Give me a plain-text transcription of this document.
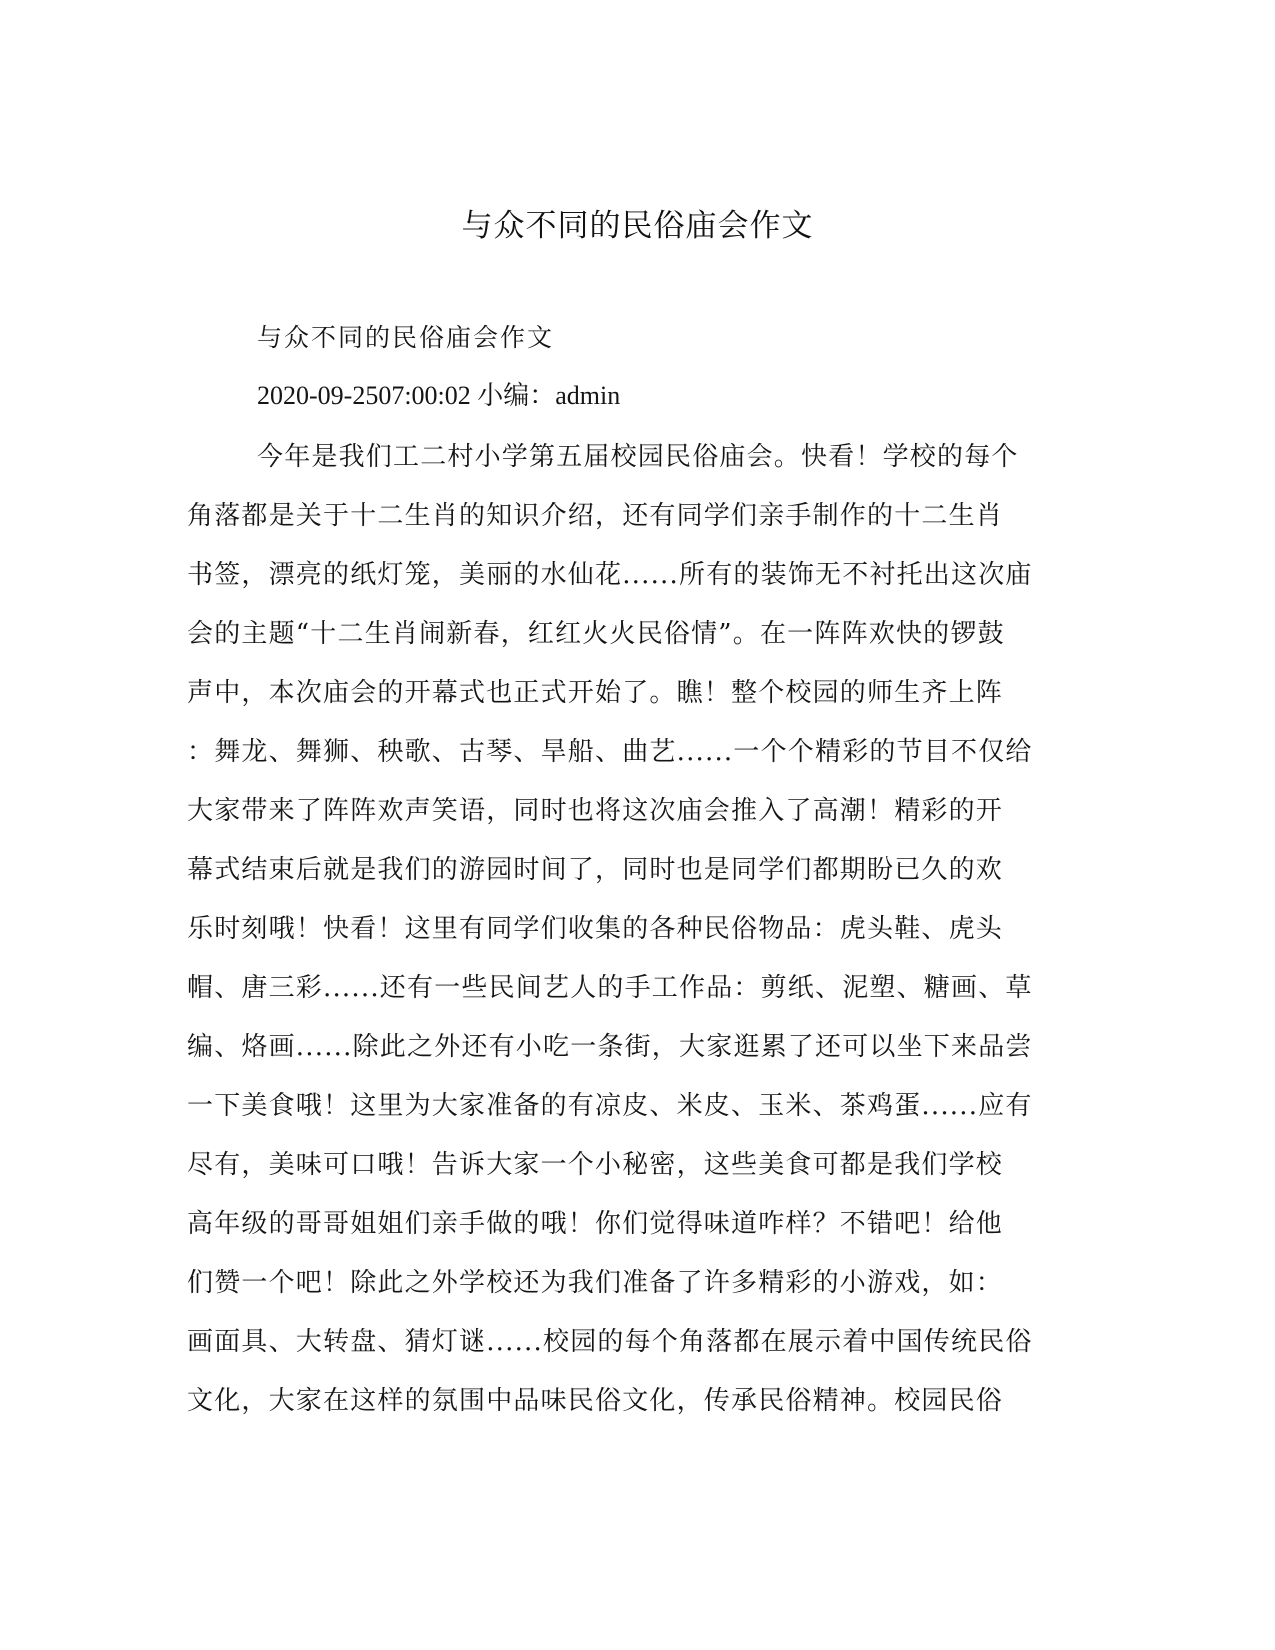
与众不同的民俗庙会作文
与众不同的民俗庙会作文
2020-09-2507:00:02 小编：admin
今年是我们工二村小学第五届校园民俗庙会。快看！学校的每个
角落都是关于十二生肖的知识介绍，还有同学们亲手制作的十二生肖
书签，漂亮的纸灯笼，美丽的水仙花......所有的装饰无不衬托出这次庙
会的主题“十二生肖闹新春，红红火火民俗情”。在一阵阵欢快的锣鼓
声中，本次庙会的开幕式也正式开始了。瞧！整个校园的师生齐上阵
：舞龙、舞狮、秧歌、古琴、旱船、曲艺......一个个精彩的节目不仅给
大家带来了阵阵欢声笑语，同时也将这次庙会推入了高潮！精彩的开
幕式结束后就是我们的游园时间了，同时也是同学们都期盼已久的欢
乐时刻哦！快看！这里有同学们收集的各种民俗物品：虎头鞋、虎头
帽、唐三彩......还有一些民间艺人的手工作品：剪纸、泥塑、糖画、草
编、烙画......除此之外还有小吃一条街，大家逛累了还可以坐下来品尝
一下美食哦！这里为大家准备的有凉皮、米皮、玉米、茶鸡蛋......应有
尽有，美味可口哦！告诉大家一个小秘密，这些美食可都是我们学校
高年级的哥哥姐姐们亲手做的哦！你们觉得味道咋样？不错吧！给他
们赞一个吧！除此之外学校还为我们准备了许多精彩的小游戏，如：
画面具、大转盘、猜灯谜......校园的每个角落都在展示着中国传统民俗
文化，大家在这样的氛围中品味民俗文化，传承民俗精神。校园民俗
